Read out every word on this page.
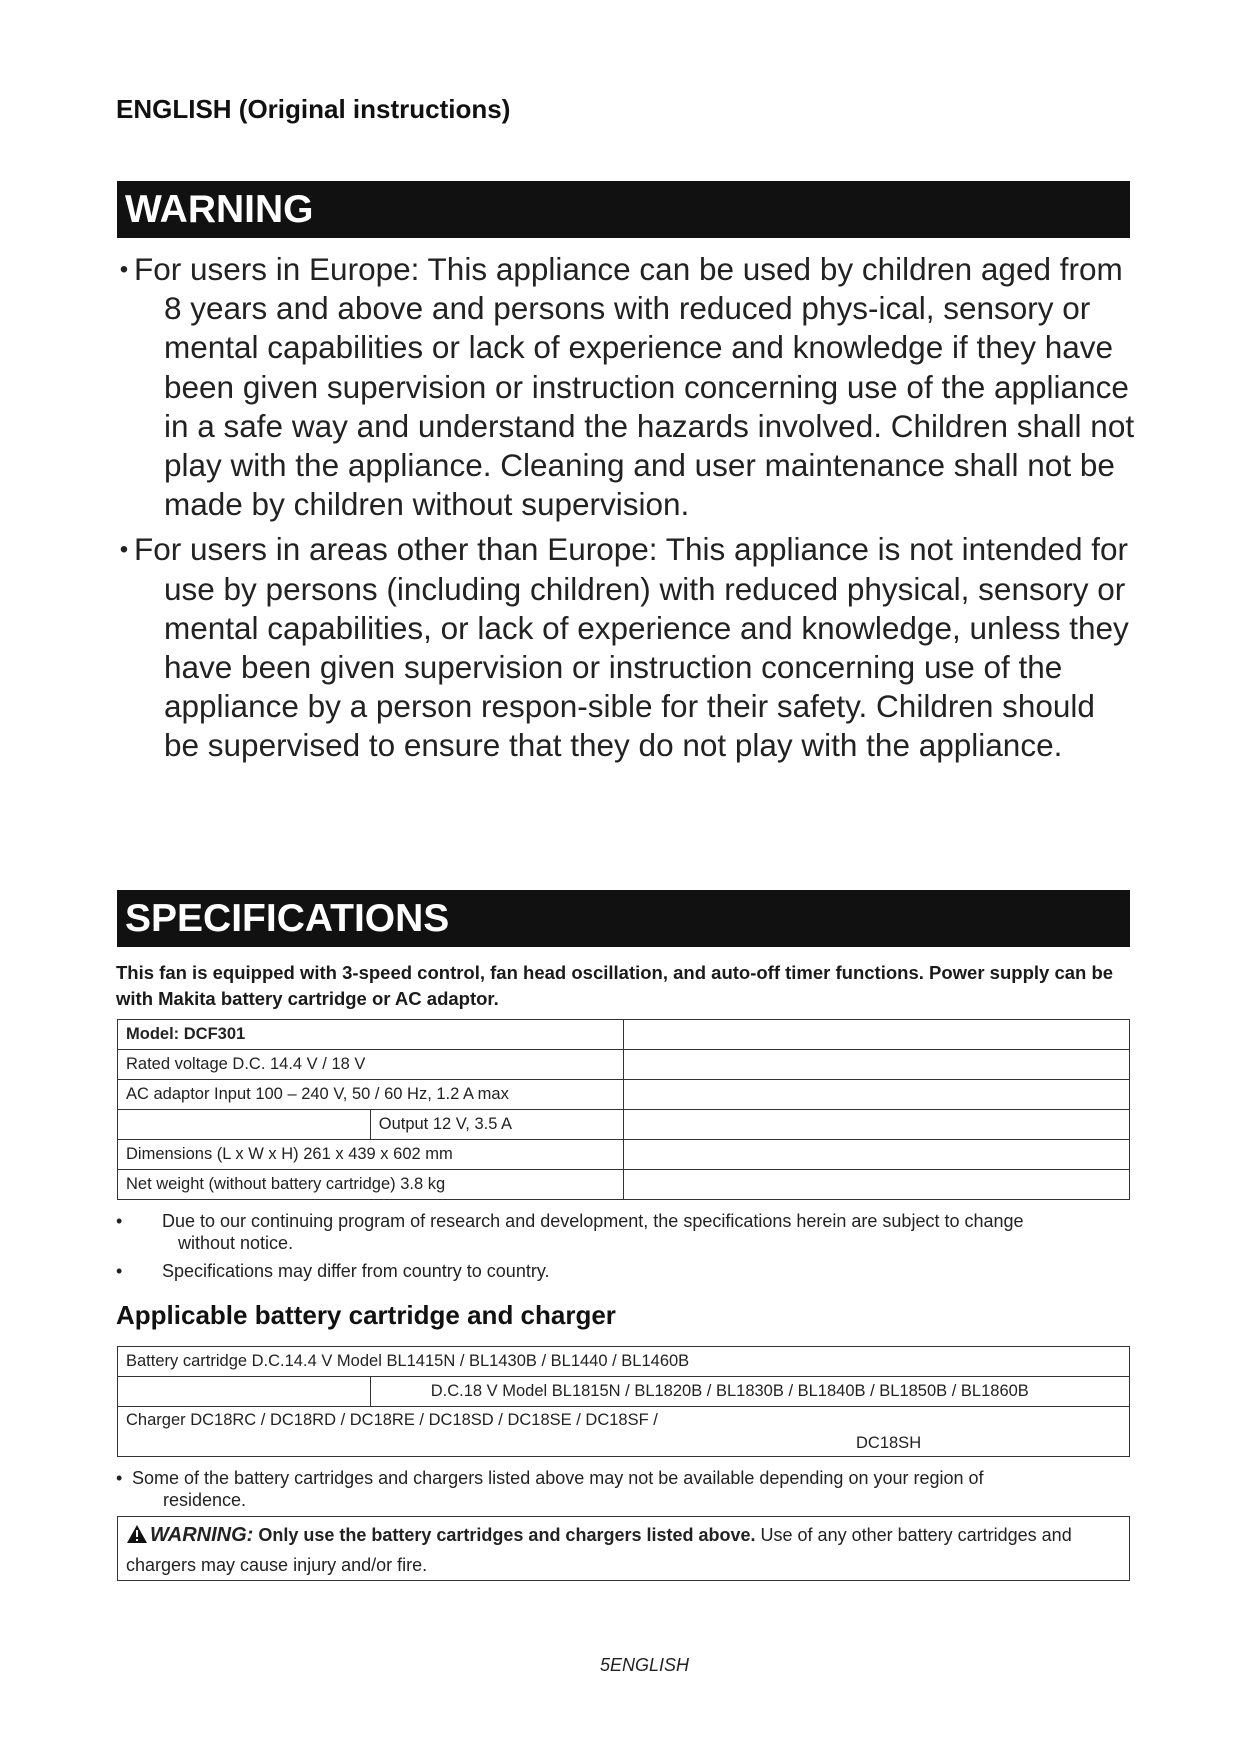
ENGLISH (Original instructions)
WARNING
• For users in Europe: This appliance can be used by children aged from 8 years and above and persons with reduced phys-ical, sensory or mental capabilities or lack of experience and knowledge if they have been given supervision or instruction concerning use of the appliance in a safe way and understand the hazards involved. Children shall not play with the appliance. Cleaning and user maintenance shall not be made by children without supervision.
• For users in areas other than Europe: This appliance is not intended for use by persons (including children) with reduced physical, sensory or mental capabilities, or lack of experience and knowledge, unless they have been given supervision or instruction concerning use of the appliance by a person respon-sible for their safety. Children should be supervised to ensure that they do not play with the appliance.
SPECIFICATIONS
This fan is equipped with 3-speed control, fan head oscillation, and auto-off timer functions. Power supply can be with Makita battery cartridge or AC adaptor.
Model: DCF301		
Rated voltage D.C. 14.4 V / 18 V		
AC adaptor Input 100 – 240 V, 50 / 60 Hz, 1.2 A max		
	Output 12 V, 3.5 A	
Dimensions (L x W x H) 261 x 439 x 602 mm		
Net weight (without battery cartridge) 3.8 kg		
• Due to our continuing program of research and development, the specifications herein are subject to change
without notice.
• Specifications may differ from country to country.
Applicable battery cartridge and charger
Battery cartridge D.C.14.4 V Model BL1415N / BL1430B / BL1440 / BL1460B
	D.C.18 V Model BL1815N / BL1820B / BL1830B / BL1840B / BL1850B / BL1860B
Charger DC18RC / DC18RD / DC18RE / DC18SD / DC18SE / DC18SF /
DC18SH
• Some of the battery cartridges and chargers listed above may not be available depending on your region of
residence.
WARNING: Only use the battery cartridges and chargers listed above. Use of any other battery cartridges and chargers may cause injury and/or fire.
5ENGLISH
